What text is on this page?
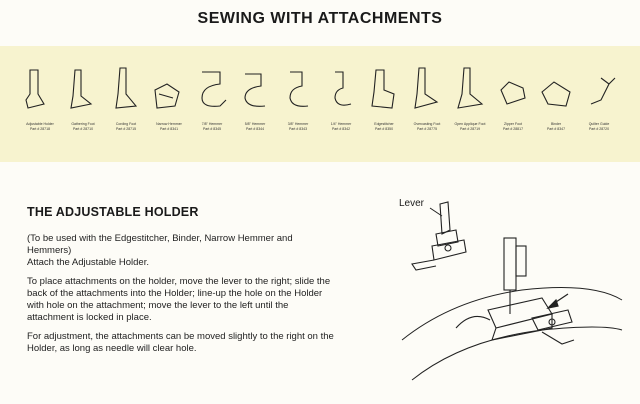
SEWING WITH ATTACHMENTS
Adjustable Holder
Part # 28718
Gathering Foot
Part # 28710
Cording Foot
Part # 28715
Narrow Hemmer
Part # 8341
7/8" Hemmer
Part # 8345
5/8" Hemmer
Part # 8344
3/8" Hemmer
Part # 8343
1/4" Hemmer
Part # 8342
Edgestitcher
Part # 8350
Overcasting Foot
Part # 28775
Open Applique Foot
Part # 28719
Zipper Foot
Part # 28817
Binder
Part # 8347
Quilter Guide
Part # 28720
THE ADJUSTABLE HOLDER

(To be used with the Edgestitcher, Binder, Narrow Hemmer and Hemmers)
Attach the Adjustable Holder.

To place attachments on the holder, move the lever to the right; slide the back of the attachments into the Holder; line-up the hole on the Holder with hole on the attachment; move the lever to the left until the attachment is locked in place.

For adjustment, the attachments can be moved slightly to the right on the Holder, as long as needle will clear hole.

Lever
